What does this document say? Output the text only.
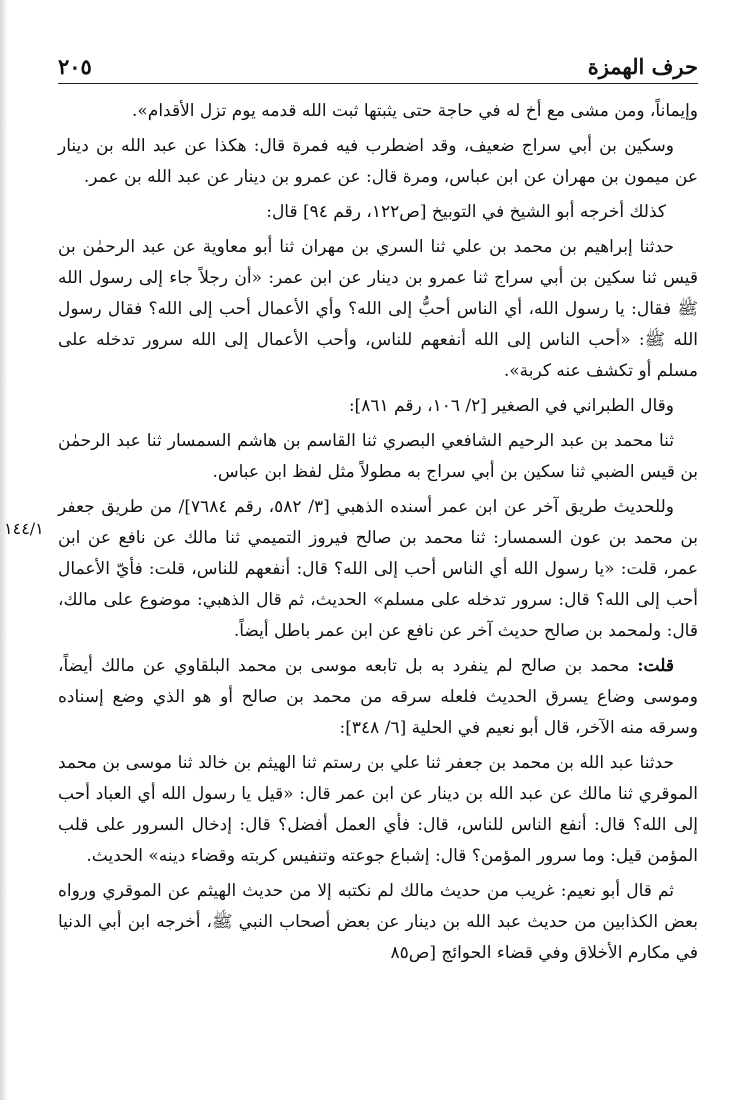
٢٠٥	حرف الهمزة
١٤٤/١

وإيماناً، ومن مشى مع أخ له في حاجة حتى يثبتها ثبت الله قدمه يوم تزل الأقدام».

وسكين بن أبي سراج ضعيف، وقد اضطرب فيه فمرة قال: هكذا عن عبد الله بن دينار عن ميمون بن مهران عن ابن عباس، ومرة قال: عن عمرو بن دينار عن عبد الله بن عمر.

كذلك أخرجه أبو الشيخ في التوبيخ [ص١٢٢، رقم ٩٤] قال:

حدثنا إبراهيم بن محمد بن علي ثنا السري بن مهران ثنا أبو معاوية عن عبد الرحمٰن بن قيس ثنا سكين بن أبي سراج ثنا عمرو بن دينار عن ابن عمر: «أن رجلاً جاء إلى رسول الله ﷺ فقال: يا رسول الله، أي الناس أحبُّ إلى الله؟ وأي الأعمال أحب إلى الله؟ فقال رسول الله ﷺ: «أحب الناس إلى الله أنفعهم للناس، وأحب الأعمال إلى الله سرور تدخله على مسلم أو تكشف عنه كربة».

وقال الطبراني في الصغير [٢/ ١٠٦، رقم ٨٦١]:

ثنا محمد بن عبد الرحيم الشافعي البصري ثنا القاسم بن هاشم السمسار ثنا عبد الرحمٰن بن قيس الضبي ثنا سكين بن أبي سراج به مطولاً مثل لفظ ابن عباس.

وللحديث طريق آخر عن ابن عمر أسنده الذهبي [٣/ ٥٨٢، رقم ٧٦٨٤]/ من طريق جعفر بن محمد بن عون السمسار: ثنا محمد بن صالح فيروز التميمي ثنا مالك عن نافع عن ابن عمر، قلت: «يا رسول الله أي الناس أحب إلى الله؟ قال: أنفعهم للناس، قلت: فأيّ الأعمال أحب إلى الله؟ قال: سرور تدخله على مسلم» الحديث، ثم قال الذهبي: موضوع على مالك، قال: ولمحمد بن صالح حديث آخر عن نافع عن ابن عمر باطل أيضاً.

قلت: محمد بن صالح لم ينفرد به بل تابعه موسى بن محمد البلقاوي عن مالك أيضاً، وموسى وضاع يسرق الحديث فلعله سرقه من محمد بن صالح أو هو الذي وضع إسناده وسرقه منه الآخر، قال أبو نعيم في الحلية [٦/ ٣٤٨]:

حدثنا عبد الله بن محمد بن جعفر ثنا علي بن رستم ثنا الهيثم بن خالد ثنا موسى بن محمد الموقري ثنا مالك عن عبد الله بن دينار عن ابن عمر قال: «قيل يا رسول الله أي العباد أحب إلى الله؟ قال: أنفع الناس للناس، قال: فأي العمل أفضل؟ قال: إدخال السرور على قلب المؤمن قيل: وما سرور المؤمن؟ قال: إشباع جوعته وتنفيس كربته وقضاء دينه» الحديث.

ثم قال أبو نعيم: غريب من حديث مالك لم نكتبه إلا من حديث الهيثم عن الموقري ورواه بعض الكذابين من حديث عبد الله بن دينار عن بعض أصحاب النبي ﷺ، أخرجه ابن أبي الدنيا في مكارم الأخلاق وفي قضاء الحوائج [ص٨٥
